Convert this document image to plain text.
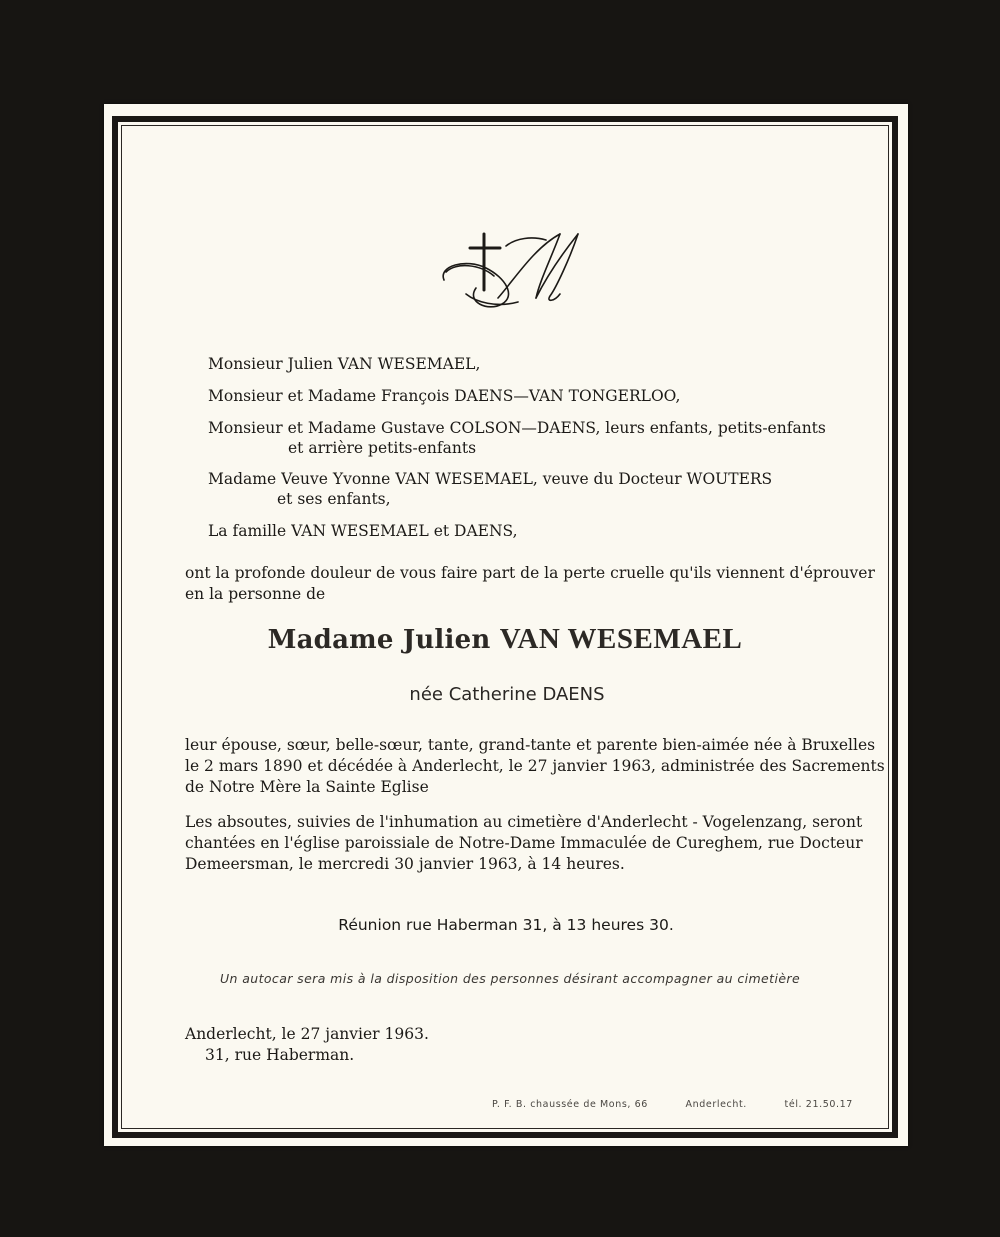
Monsieur Julien VAN WESEMAEL,
Monsieur et Madame François DAENS—VAN TONGERLOO,
Monsieur et Madame Gustave COLSON—DAENS, leurs enfants, petits-enfants
et arrière petits-enfants
Madame Veuve Yvonne VAN WESEMAEL, veuve du Docteur WOUTERS
et ses enfants,
La famille VAN WESEMAEL et DAENS,
ont la profonde douleur de vous faire part de la perte cruelle qu'ils viennent d'éprouver
en la personne de
Madame Julien VAN WESEMAEL
née Catherine DAENS
leur épouse, sœur, belle-sœur, tante, grand-tante et parente bien-aimée née à Bruxelles
le 2 mars 1890 et décédée à Anderlecht, le 27 janvier 1963, administrée des Sacrements
de Notre Mère la Sainte Eglise
Les absoutes, suivies de l'inhumation au cimetière d'Anderlecht - Vogelenzang, seront
chantées en l'église paroissiale de Notre-Dame Immaculée de Cureghem, rue Docteur
Demeersman, le mercredi 30 janvier 1963, à 14 heures.
Réunion rue Haberman 31, à 13 heures 30.
Un autocar sera mis à la disposition des personnes désirant accompagner au cimetière
Anderlecht, le 27 janvier 1963.
31, rue Haberman.
P. F. B. chaussée de Mons, 66	Anderlecht.	tél. 21.50.17
